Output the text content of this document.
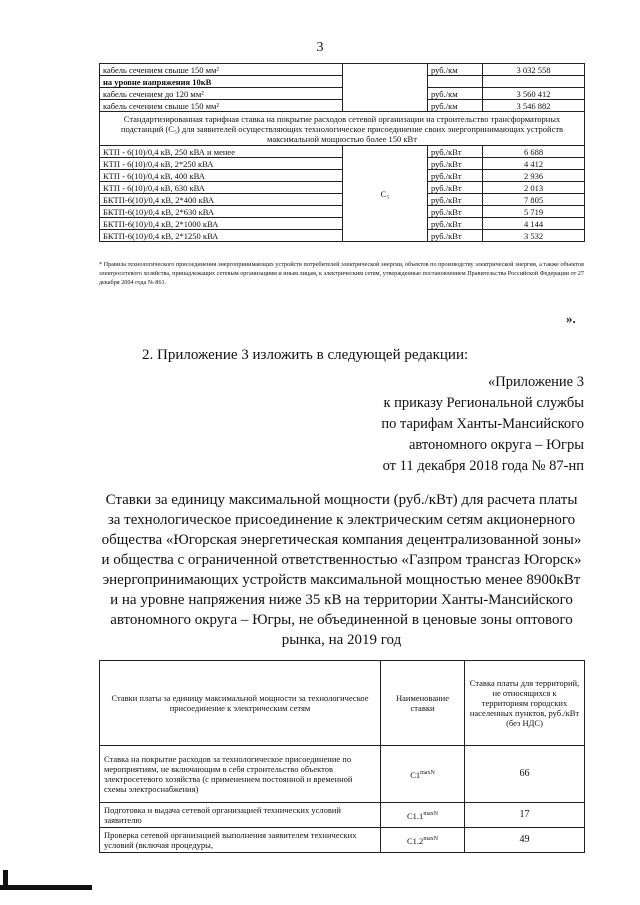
3
кабель сечением свыше 150 мм²		руб./км	3 032 558
на уровне напряжения 10кВ			
кабель сечением до 120 мм²		руб./км	3 560 412
кабель сечением свыше 150 мм²		руб./км	3 546 882
Стандартизированная тарифная ставка на покрытие расходов сетевой организации на строительство трансформаторных подстанций (C₅) для заявителей осуществляющих технологическое присоединение своих энергопринимающих устройств максимальной мощностью более 150 кВт			
КТП - 6(10)/0,4 кВ, 250 кВА и менее	C₅	руб./кВт	6 688
КТП - 6(10)/0,4 кВ, 2*250 кВА		руб./кВт	4 412
КТП - 6(10)/0,4 кВ, 400 кВА		руб./кВт	2 936
КТП - 6(10)/0,4 кВ, 630 кВА		руб./кВт	2 013
БКТП-6(10)/0,4 кВ, 2*400 кВА		руб./кВт	7 805
БКТП-6(10)/0,4 кВ, 2*630 кВА		руб./кВт	5 719
БКТП-6(10)/0,4 кВ, 2*1000 кВА		руб./кВт	4 144
БКТП-6(10)/0,4 кВ, 2*1250 кВА		руб./кВт	3 532
* Правила технологического присоединения энергопринимающих устройств потребителей электрической энергии, объектов по производству электрической энергии, а также объектов электросетевого хозяйства, принадлежащих сетевым организациям и иным лицам, к электрическим сетям, утвержденные постановлением Правительства Российской Федерации от 27 декабря 2004 года № 861.
».
2. Приложение 3 изложить в следующей редакции:
«Приложение 3
к приказу Региональной службы
по тарифам Ханты-Мансийского
автономного округа – Югры
от 11 декабря 2018 года № 87-нп
Ставки за единицу максимальной мощности (руб./кВт) для расчета платы за технологическое присоединение к электрическим сетям акционерного общества «Югорская энергетическая компания децентрализованной зоны» и общества с ограниченной ответственностью «Газпром трансгаз Югорск» энергопринимающих устройств максимальной мощностью менее 8900кВт и на уровне напряжения ниже 35 кВ на территории Ханты-Мансийского автономного округа – Югры, не объединенной в ценовые зоны оптового рынка, на 2019 год
Ставки платы за единицу максимальной мощности за технологическое присоединение к электрическим сетям	Наименование ставки	Ставка платы для территорий, не относящихся к территориям городских населенных пунктов, руб./кВт (без НДС)
Ставка на покрытие расходов за технологическое присоединение по мероприятиям, не включающим в себя строительство объектов электросетевого хозяйства (с применением постоянной и временной схемы электроснабжения)	$C1^{maxN}$	66
Подготовка и выдача сетевой организацией технических условий заявителю	$C1.1^{maxN}$	17
Проверка сетевой организацией выполнения заявителем технических условий (включая процедуры,	$C1.2^{maxN}$	49
